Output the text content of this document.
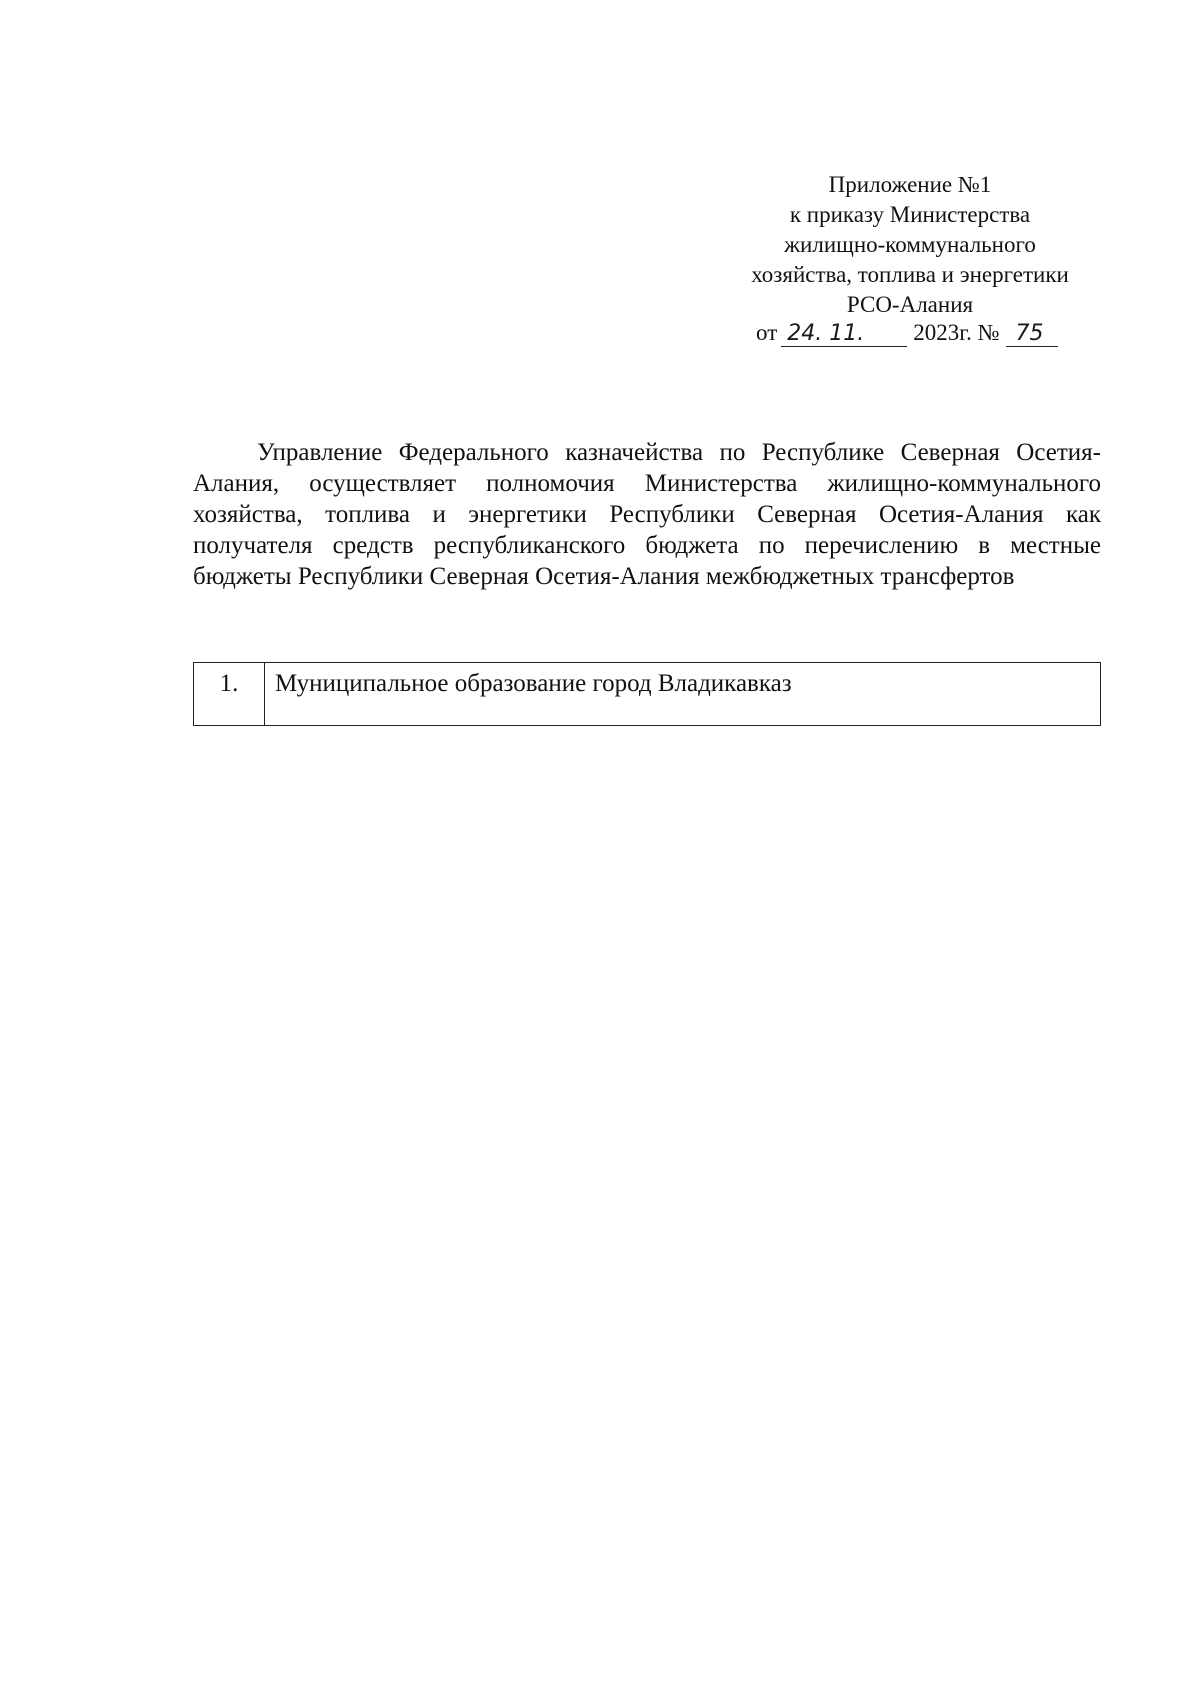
Приложение №1
к приказу Министерства
жилищно-коммунального
хозяйства, топлива и энергетики
РСО-Алания
от 24. 11. 2023г. № 75

Управление Федерального казначейства по Республике Северная Осетия-Алания, осуществляет полномочия Министерства жилищно-коммунального хозяйства, топлива и энергетики Республики Северная Осетия-Алания как получателя средств республиканского бюджета по перечислению в местные бюджеты Республики Северная Осетия-Алания межбюджетных трансфертов

1.	Муниципальное образование город Владикавказ
